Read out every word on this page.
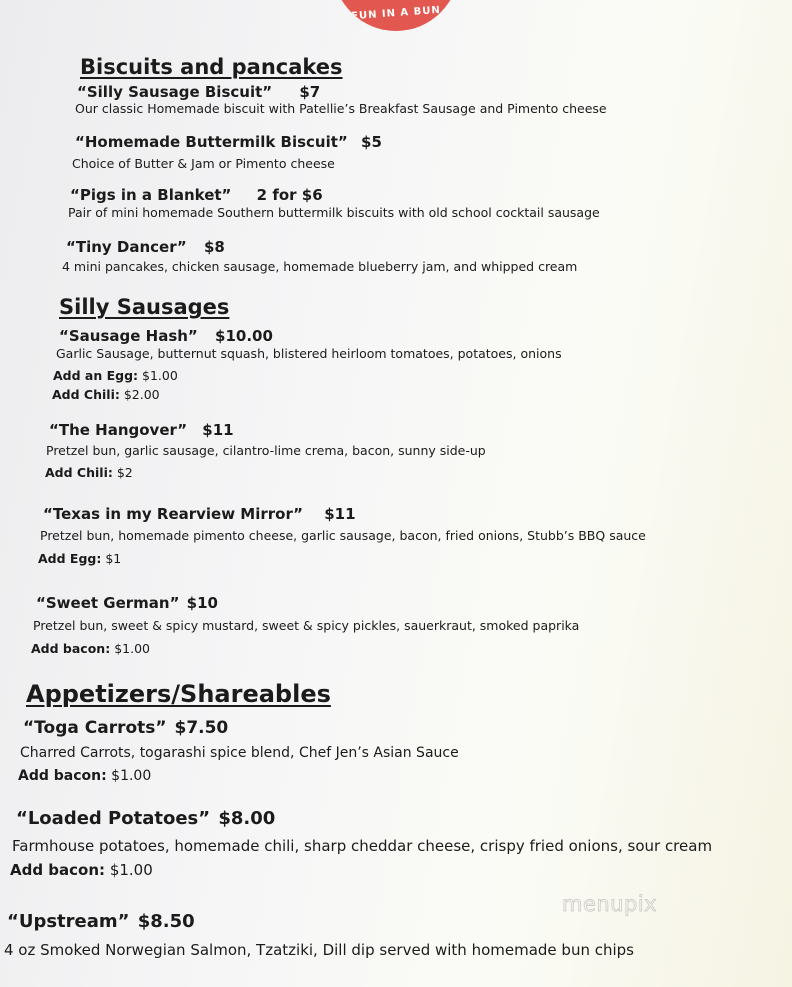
FUN IN A BUN
Biscuits and pancakes
“Silly Sausage Biscuit” $7
Our classic Homemade biscuit with Patellie’s Breakfast Sausage and Pimento cheese
“Homemade Buttermilk Biscuit” $5
Choice of Butter & Jam or Pimento cheese
“Pigs in a Blanket” 2 for $6
Pair of mini homemade Southern buttermilk biscuits with old school cocktail sausage
“Tiny Dancer” $8
4 mini pancakes, chicken sausage, homemade blueberry jam, and whipped cream
Silly Sausages
“Sausage Hash” $10.00
Garlic Sausage, butternut squash, blistered heirloom tomatoes, potatoes, onions
Add an Egg: $1.00
Add Chili: $2.00
“The Hangover” $11
Pretzel bun, garlic sausage, cilantro-lime crema, bacon, sunny side-up
Add Chili: $2
“Texas in my Rearview Mirror” $11
Pretzel bun, homemade pimento cheese, garlic sausage, bacon, fried onions, Stubb’s BBQ sauce
Add Egg: $1
“Sweet German” $10
Pretzel bun, sweet & spicy mustard, sweet & spicy pickles, sauerkraut, smoked paprika
Add bacon: $1.00
Appetizers/Shareables
“Toga Carrots” $7.50
Charred Carrots, togarashi spice blend, Chef Jen’s Asian Sauce
Add bacon: $1.00
“Loaded Potatoes” $8.00
Farmhouse potatoes, homemade chili, sharp cheddar cheese, crispy fried onions, sour cream
Add bacon: $1.00
“Upstream” $8.50
4 oz Smoked Norwegian Salmon, Tzatziki, Dill dip served with homemade bun chips
menupix
